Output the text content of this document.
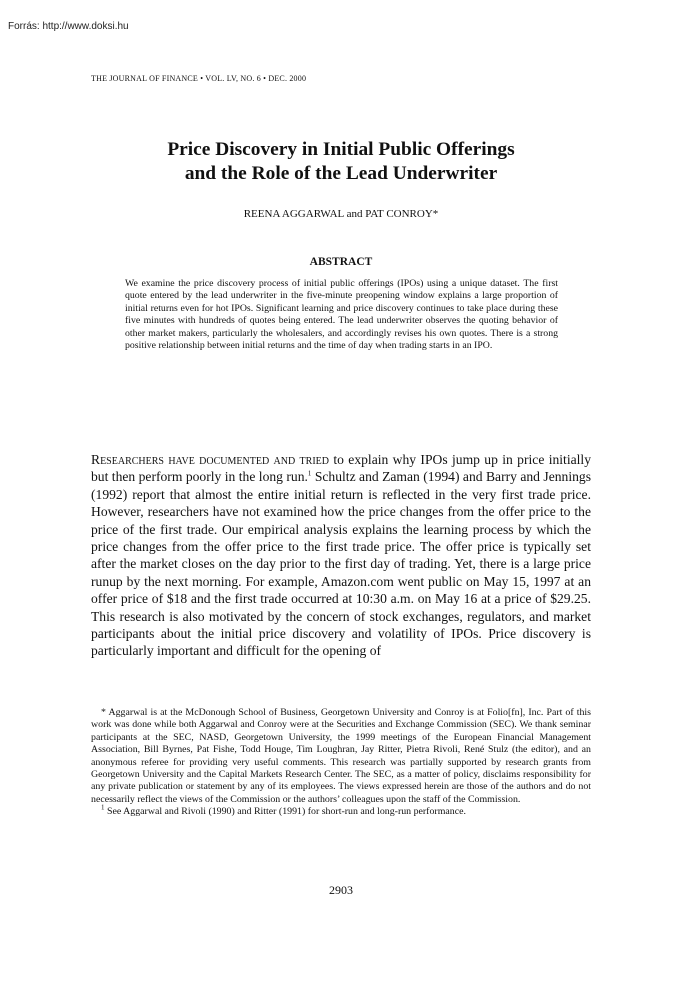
Forrás: http://www.doksi.hu
THE JOURNAL OF FINANCE • VOL. LV, NO. 6 • DEC. 2000
Price Discovery in Initial Public Offerings
and the Role of the Lead Underwriter
REENA AGGARWAL and PAT CONROY*
ABSTRACT
We examine the price discovery process of initial public offerings (IPOs) using a unique dataset. The first quote entered by the lead underwriter in the five-minute preopening window explains a large proportion of initial returns even for hot IPOs. Significant learning and price discovery continues to take place during these five minutes with hundreds of quotes being entered. The lead underwriter observes the quoting behavior of other market makers, particularly the wholesalers, and accordingly revises his own quotes. There is a strong positive relationship between initial returns and the time of day when trading starts in an IPO.
Researchers have documented and tried to explain why IPOs jump up in price initially but then perform poorly in the long run.$^1$ Schultz and Zaman (1994) and Barry and Jennings (1992) report that almost the entire initial return is reflected in the very first trade price. However, researchers have not examined how the price changes from the offer price to the price of the first trade. Our empirical analysis explains the learning process by which the price changes from the offer price to the first trade price. The offer price is typically set after the market closes on the day prior to the first day of trading. Yet, there is a large price runup by the next morning. For example, Amazon.com went public on May 15, 1997 at an offer price of $18 and the first trade occurred at 10:30 a.m. on May 16 at a price of $29.25. This research is also motivated by the concern of stock exchanges, regulators, and market participants about the initial price discovery and volatility of IPOs. Price discovery is particularly important and difficult for the opening of

* Aggarwal is at the McDonough School of Business, Georgetown University and Conroy is at Folio[fn], Inc. Part of this work was done while both Aggarwal and Conroy were at the Securities and Exchange Commission (SEC). We thank seminar participants at the SEC, NASD, Georgetown University, the 1999 meetings of the European Financial Management Association, Bill Byrnes, Pat Fishe, Todd Houge, Tim Loughran, Jay Ritter, Pietra Rivoli, René Stulz (the editor), and an anonymous referee for providing very useful comments. This research was partially supported by research grants from Georgetown University and the Capital Markets Research Center. The SEC, as a matter of policy, disclaims responsibility for any private publication or statement by any of its employees. The views expressed herein are those of the authors and do not necessarily reflect the views of the Commission or the authors’ colleagues upon the staff of the Commission.

$^1$ See Aggarwal and Rivoli (1990) and Ritter (1991) for short-run and long-run performance.

2903
